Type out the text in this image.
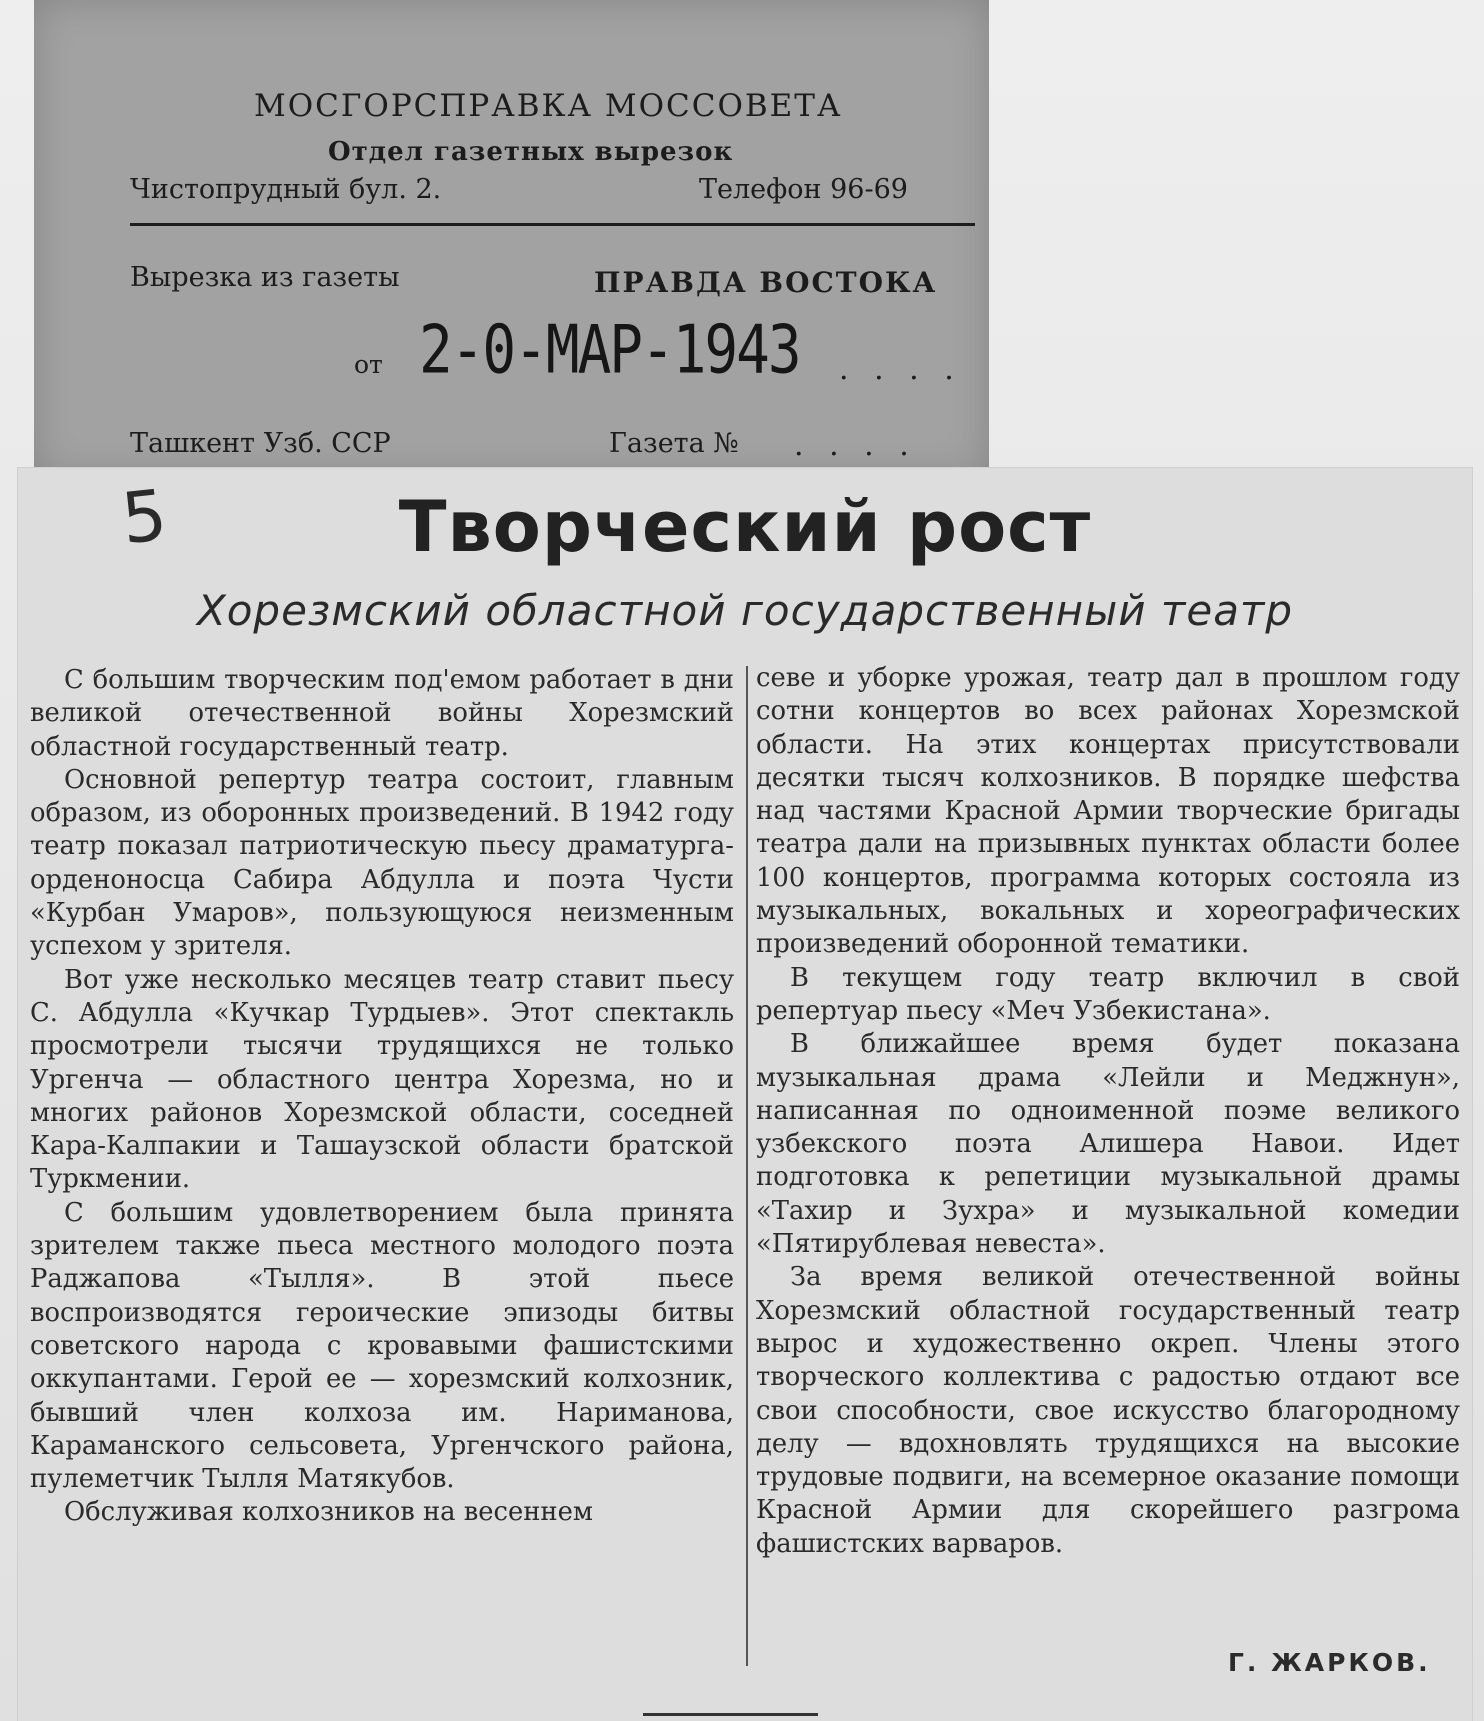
МОСГОРСПРАВКА МОССОВЕТА
Отдел газетных вырезок
Чистопрудный бул. 2.	Телефон 96-69
Вырезка из газеты	ПРАВДА ВОСТОКА
от 2-0-МАР-1943 . . . .
Ташкент Узб. ССР	Газета № . . . .
5	Творческий рост
Хорезмский областной государственный театр

С большим творческим под'емом работает в дни великой отечественной войны Хорезмский областной государственный театр.

Основной репертур театра состоит, главным образом, из оборонных произведений. В 1942 году театр показал патриотическую пьесу драматурга-орденоносца Сабира Абдулла и поэта Чусти «Курбан Умаров», пользующуюся неизменным успехом у зрителя.

Вот уже несколько месяцев театр ставит пьесу С. Абдулла «Кучкар Турдыев». Этот спектакль просмотрели тысячи трудящихся не только Ургенча — областного центра Хорезма, но и многих районов Хорезмской области, соседней Кара-Калпакии и Ташаузской области братской Туркмении.

С большим удовлетворением была принята зрителем также пьеса местного молодого поэта Раджапова «Тылля». В этой пьесе воспроизводятся героические эпизоды битвы советского народа с кровавыми фашистскими оккупантами. Герой ее — хорезмский колхозник, бывший член колхоза им. Нариманова, Караманского сельсовета, Ургенчского района, пулеметчик Тылля Матякубов.

Обслуживая колхозников на весеннем

севе и уборке урожая, театр дал в прошлом году сотни концертов во всех районах Хорезмской области. На этих концертах присутствовали десятки тысяч колхозников. В порядке шефства над частями Красной Армии творческие бригады театра дали на призывных пунктах области более 100 концертов, программа которых состояла из музыкальных, вокальных и хореографических произведений оборонной тематики.

В текущем году театр включил в свой репертуар пьесу «Меч Узбекистана».

В ближайшее время будет показана музыкальная драма «Лейли и Меджнун», написанная по одноименной поэме великого узбекского поэта Алишера Навои. Идет подготовка к репетиции музыкальной драмы «Тахир и Зухра» и музыкальной комедии «Пятирублевая невеста».

За время великой отечественной войны Хорезмский областной государственный театр вырос и художественно окреп. Члены этого творческого коллектива с радостью отдают все свои способности, свое искусство благородному делу — вдохновлять трудящихся на высокие трудовые подвиги, на всемерное оказание помощи Красной Армии для скорейшего разгрома фашистских варваров.

Г. ЖАРКОВ.
